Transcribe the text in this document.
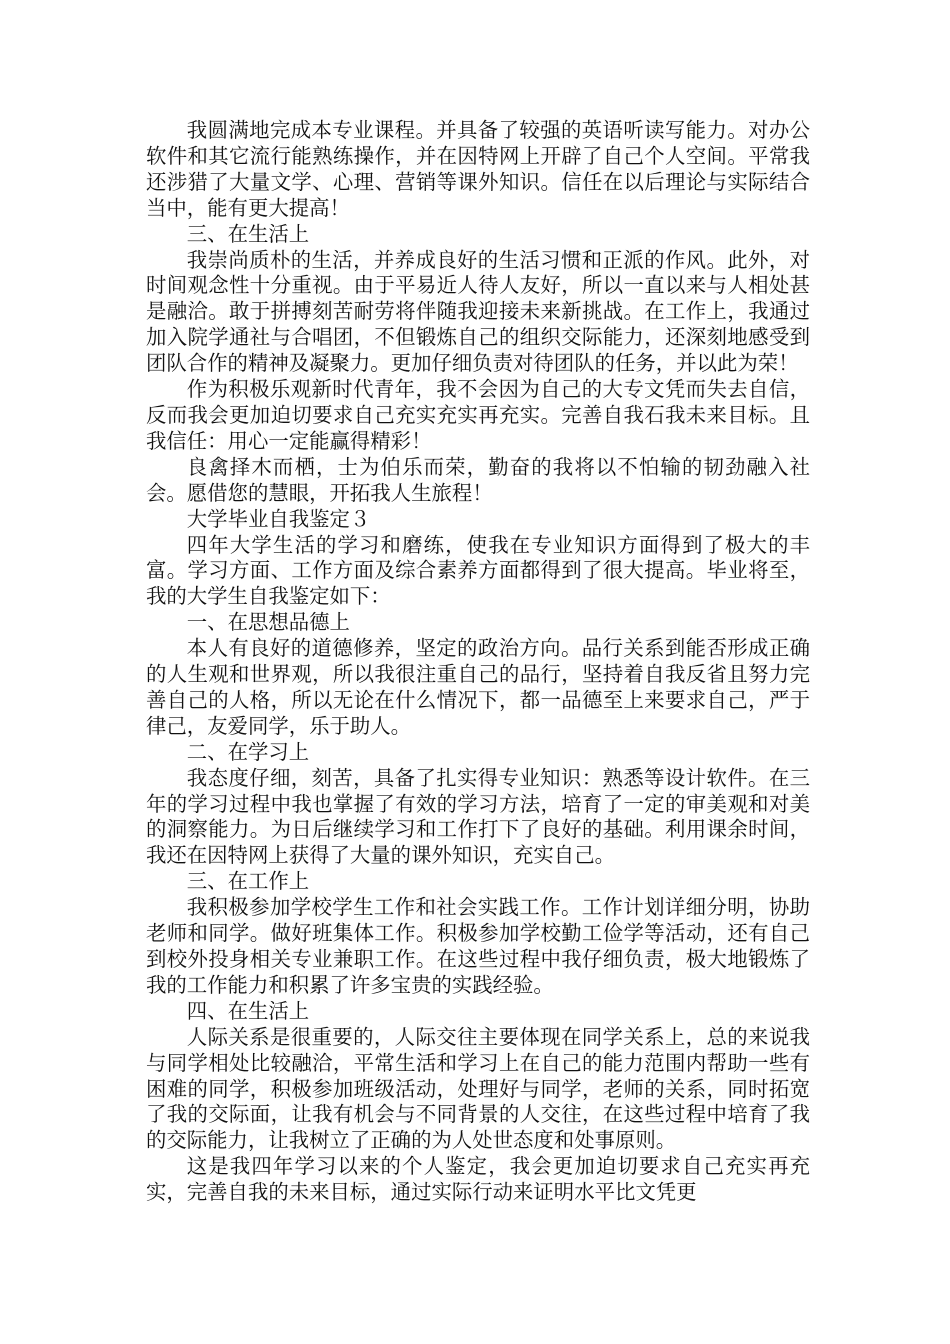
我圆满地完成本专业课程。并具备了较强的英语听读写能力。对办公软件和其它流行能熟练操作，并在因特网上开辟了自己个人空间。平常我还涉猎了大量文学、心理、营销等课外知识。信任在以后理论与实际结合当中，能有更大提高！

三、在生活上

我崇尚质朴的生活，并养成良好的生活习惯和正派的作风。此外，对时间观念性十分重视。由于平易近人待人友好，所以一直以来与人相处甚是融洽。敢于拼搏刻苦耐劳将伴随我迎接未来新挑战。在工作上，我通过加入院学通社与合唱团，不但锻炼自己的组织交际能力，还深刻地感受到团队合作的精神及凝聚力。更加仔细负责对待团队的任务，并以此为荣！

作为积极乐观新时代青年，我不会因为自己的大专文凭而失去自信，反而我会更加迫切要求自己充实充实再充实。完善自我石我未来目标。且我信任：用心一定能赢得精彩！

良禽择木而栖，士为伯乐而荣，勤奋的我将以不怕输的韧劲融入社会。愿借您的慧眼，开拓我人生旅程！

大学毕业自我鉴定３

四年大学生活的学习和磨练，使我在专业知识方面得到了极大的丰富。学习方面、工作方面及综合素养方面都得到了很大提高。毕业将至，我的大学生自我鉴定如下：

一、在思想品德上

本人有良好的道德修养，坚定的政治方向。品行关系到能否形成正确的人生观和世界观，所以我很注重自己的品行，坚持着自我反省且努力完善自己的人格，所以无论在什么情况下，都一品德至上来要求自己，严于律己，友爱同学，乐于助人。

二、在学习上

我态度仔细，刻苦，具备了扎实得专业知识：熟悉等设计软件。在三年的学习过程中我也掌握了有效的学习方法，培育了一定的审美观和对美的洞察能力。为日后继续学习和工作打下了良好的基础。利用课余时间，我还在因特网上获得了大量的课外知识，充实自己。

三、在工作上

我积极参加学校学生工作和社会实践工作。工作计划详细分明，协助老师和同学。做好班集体工作。积极参加学校勤工俭学等活动，还有自己到校外投身相关专业兼职工作。在这些过程中我仔细负责，极大地锻炼了我的工作能力和积累了许多宝贵的实践经验。

四、在生活上

人际关系是很重要的，人际交往主要体现在同学关系上，总的来说我与同学相处比较融洽，平常生活和学习上在自己的能力范围内帮助一些有困难的同学，积极参加班级活动，处理好与同学，老师的关系，同时拓宽了我的交际面，让我有机会与不同背景的人交往，在这些过程中培育了我的交际能力，让我树立了正确的为人处世态度和处事原则。

这是我四年学习以来的个人鉴定，我会更加迫切要求自己充实再充实，完善自我的未来目标，通过实际行动来证明水平比文凭更
